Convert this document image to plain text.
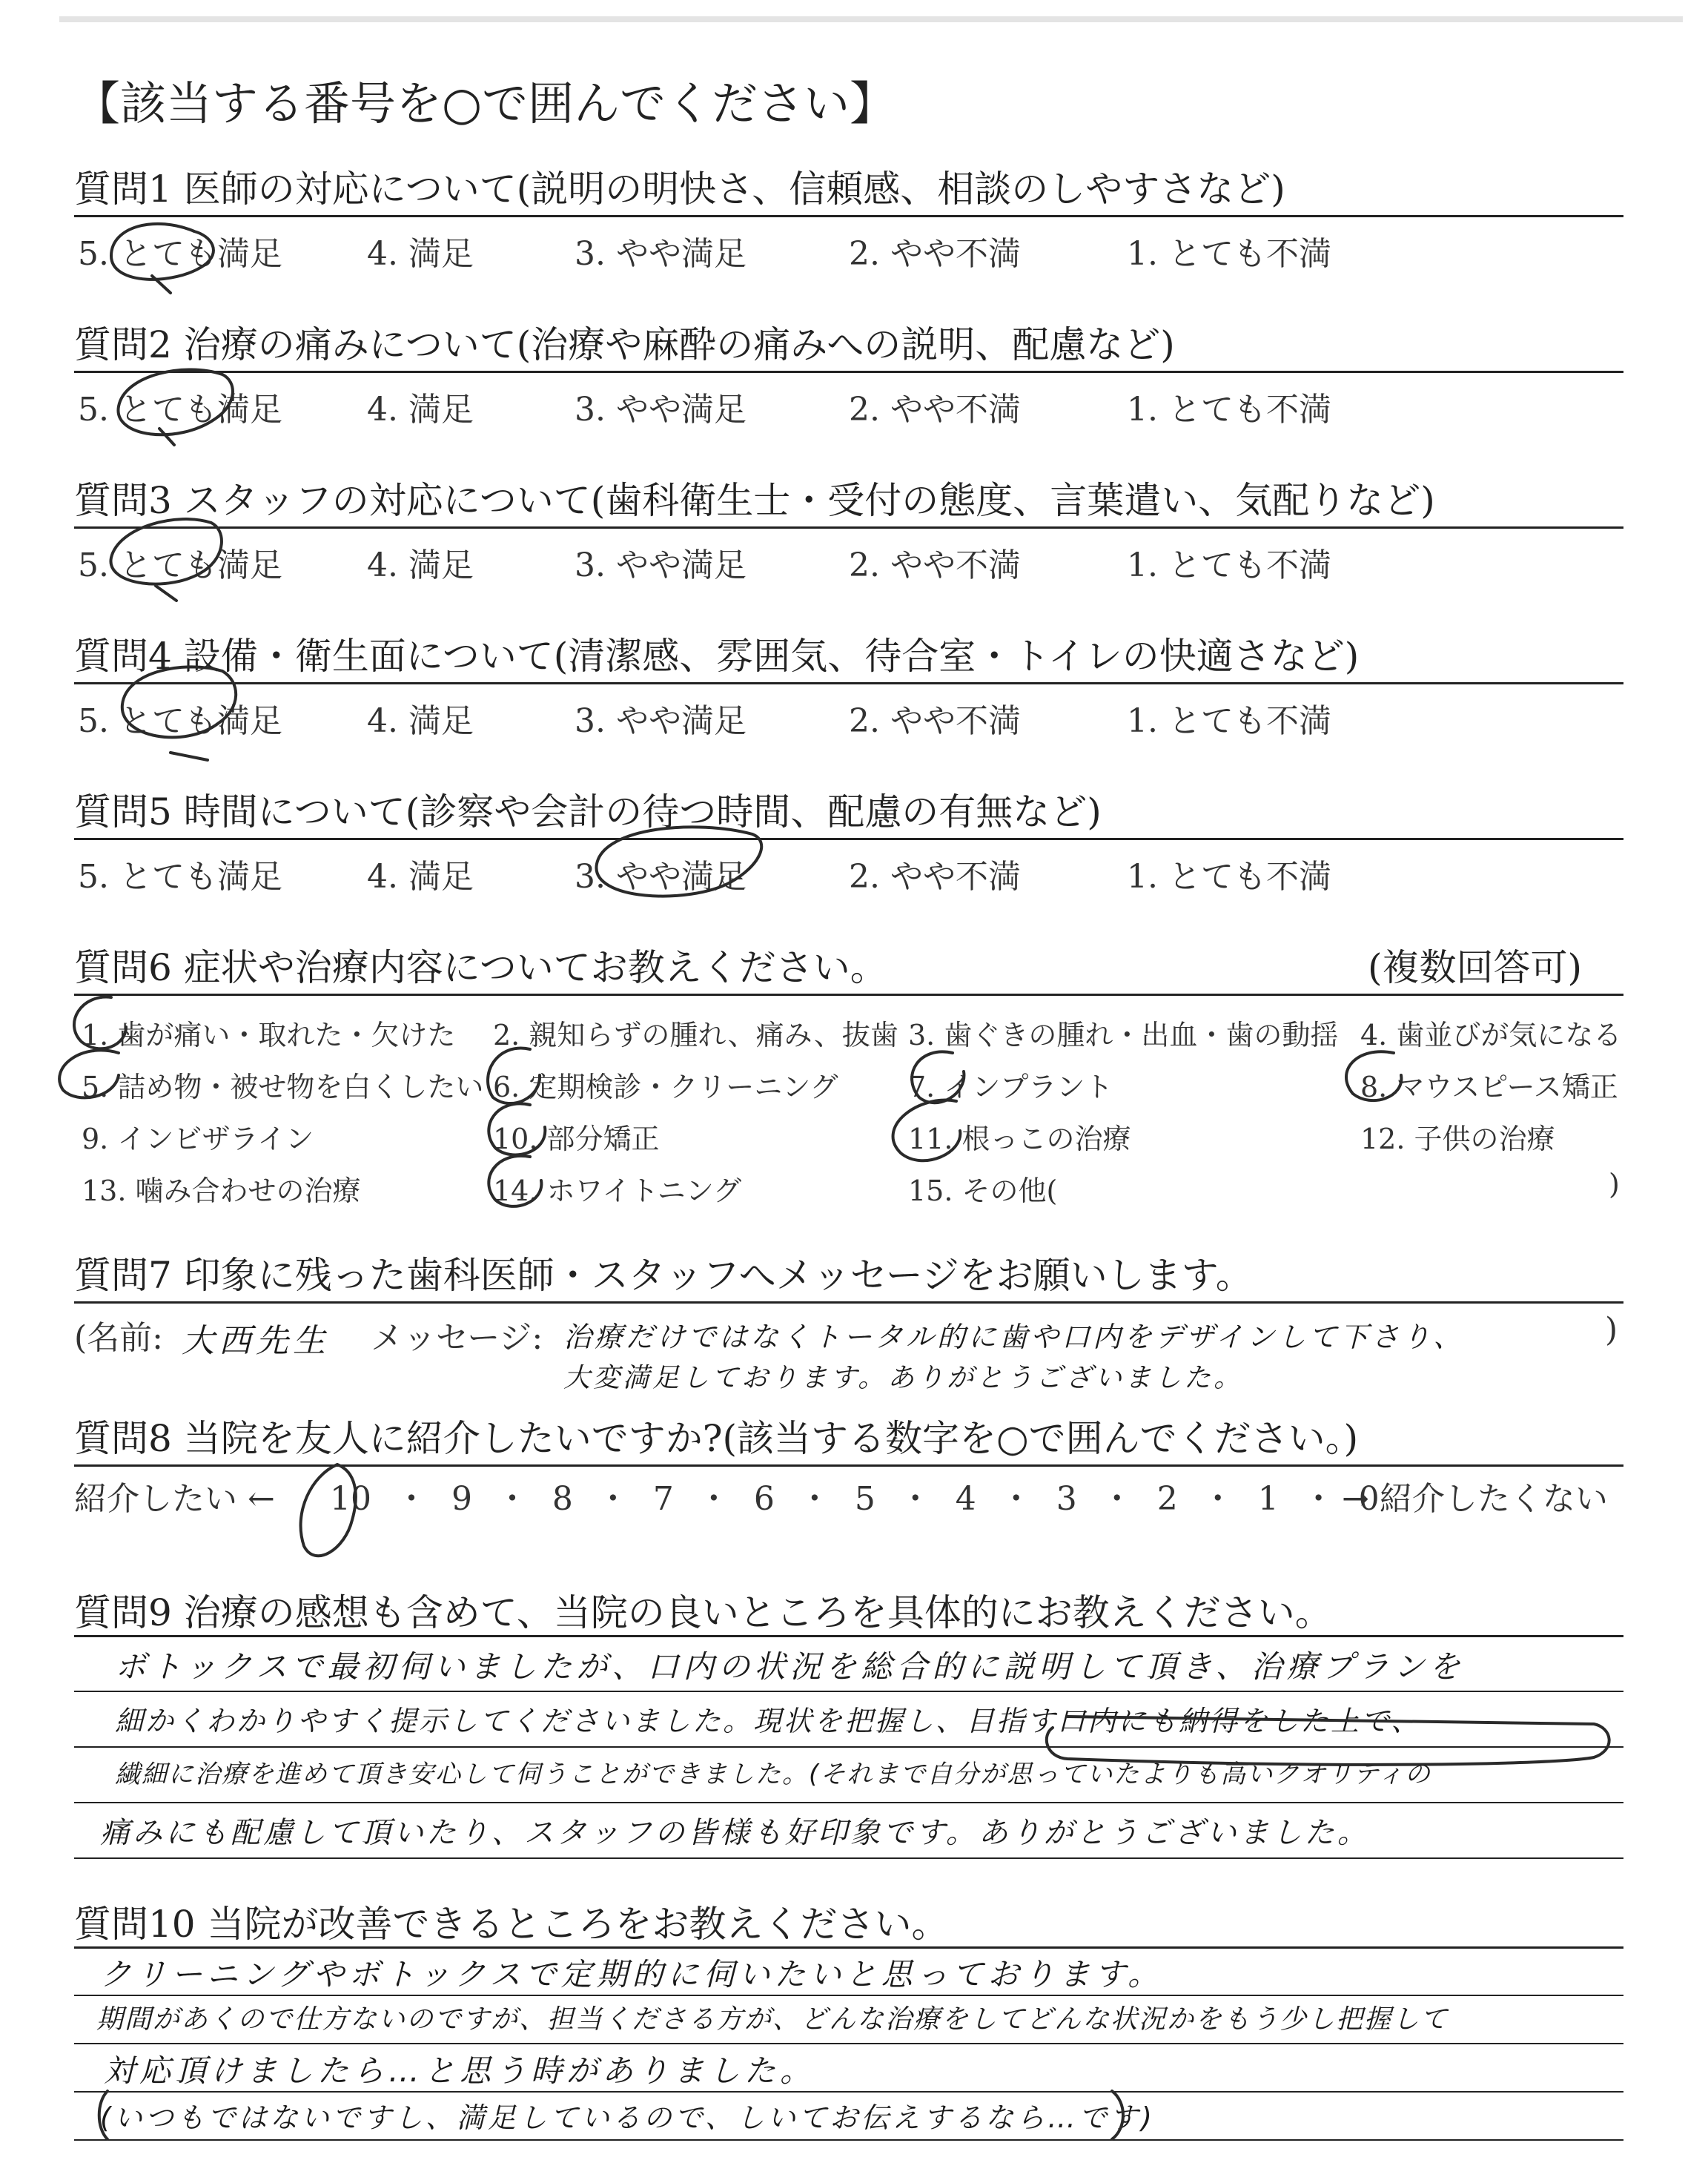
【該当する番号を○で囲んでください】
質問1 医師の対応について(説明の明快さ、信頼感、相談のしやすさなど)
5. とても満足	4. 満足	3. やや満足	2. やや不満	1. とても不満
質問2 治療の痛みについて(治療や麻酔の痛みへの説明、配慮など)
5. とても満足	4. 満足	3. やや満足	2. やや不満	1. とても不満
質問3 スタッフの対応について(歯科衛生士・受付の態度、言葉遣い、気配りなど)
5. とても満足	4. 満足	3. やや満足	2. やや不満	1. とても不満
質問4 設備・衛生面について(清潔感、雰囲気、待合室・トイレの快適さなど)
5. とても満足	4. 満足	3. やや満足	2. やや不満	1. とても不満
質問5 時間について(診察や会計の待つ時間、配慮の有無など)
5. とても満足	4. 満足	3. やや満足	2. やや不満	1. とても不満
質問6 症状や治療内容についてお教えください。	(複数回答可)
1. 歯が痛い・取れた・欠けた 2. 親知らずの腫れ、痛み、抜歯 3. 歯ぐきの腫れ・出血・歯の動揺 4. 歯並びが気になる
5. 詰め物・被せ物を白くしたい 6. 定期検診・クリーニング 7. インプラント	8. マウスピース矯正
9. インビザライン	10. 部分矯正	11. 根っこの治療	12. 子供の治療
13. 噛み合わせの治療	14. ホワイトニング	15. その他(	)
質問7 印象に残った歯科医師・スタッフへメッセージをお願いします。
(名前: 大西先生 メッセージ: 治療だけではなくトータル的に歯や口内をデザインして下さり、
大変満足しております。ありがとうございました。
)
質問8 当院を友人に紹介したいですか?(該当する数字を○で囲んでください。)
紹介したい ← 10 ・ 9 ・ 8 ・ 7 ・ 6 ・ 5 ・ 4 ・ 3 ・ 2 ・ 1 ・ 0
→ 紹介したくない
質問9 治療の感想も含めて、当院の良いところを具体的にお教えください。
ボトックスで最初伺いましたが、口内の状況を総合的に説明して頂き、治療プランを
細かくわかりやすく提示してくださいました。現状を把握し、目指す口内にも納得をした上で、
繊細に治療を進めて頂き安心して伺うことができました。(それまで自分が思っていたよりも高いクオリティの
痛みにも配慮して頂いたり、スタッフの皆様も好印象です。ありがとうございました。
質問10 当院が改善できるところをお教えください。
クリーニングやボトックスで定期的に伺いたいと思っております。
期間があくので仕方ないのですが、担当くださる方が、どんな治療をしてどんな状況かをもう少し把握して
対応頂けましたら…と思う時がありました。
(いつもではないですし、満足しているので、しいてお伝えするなら…です)
